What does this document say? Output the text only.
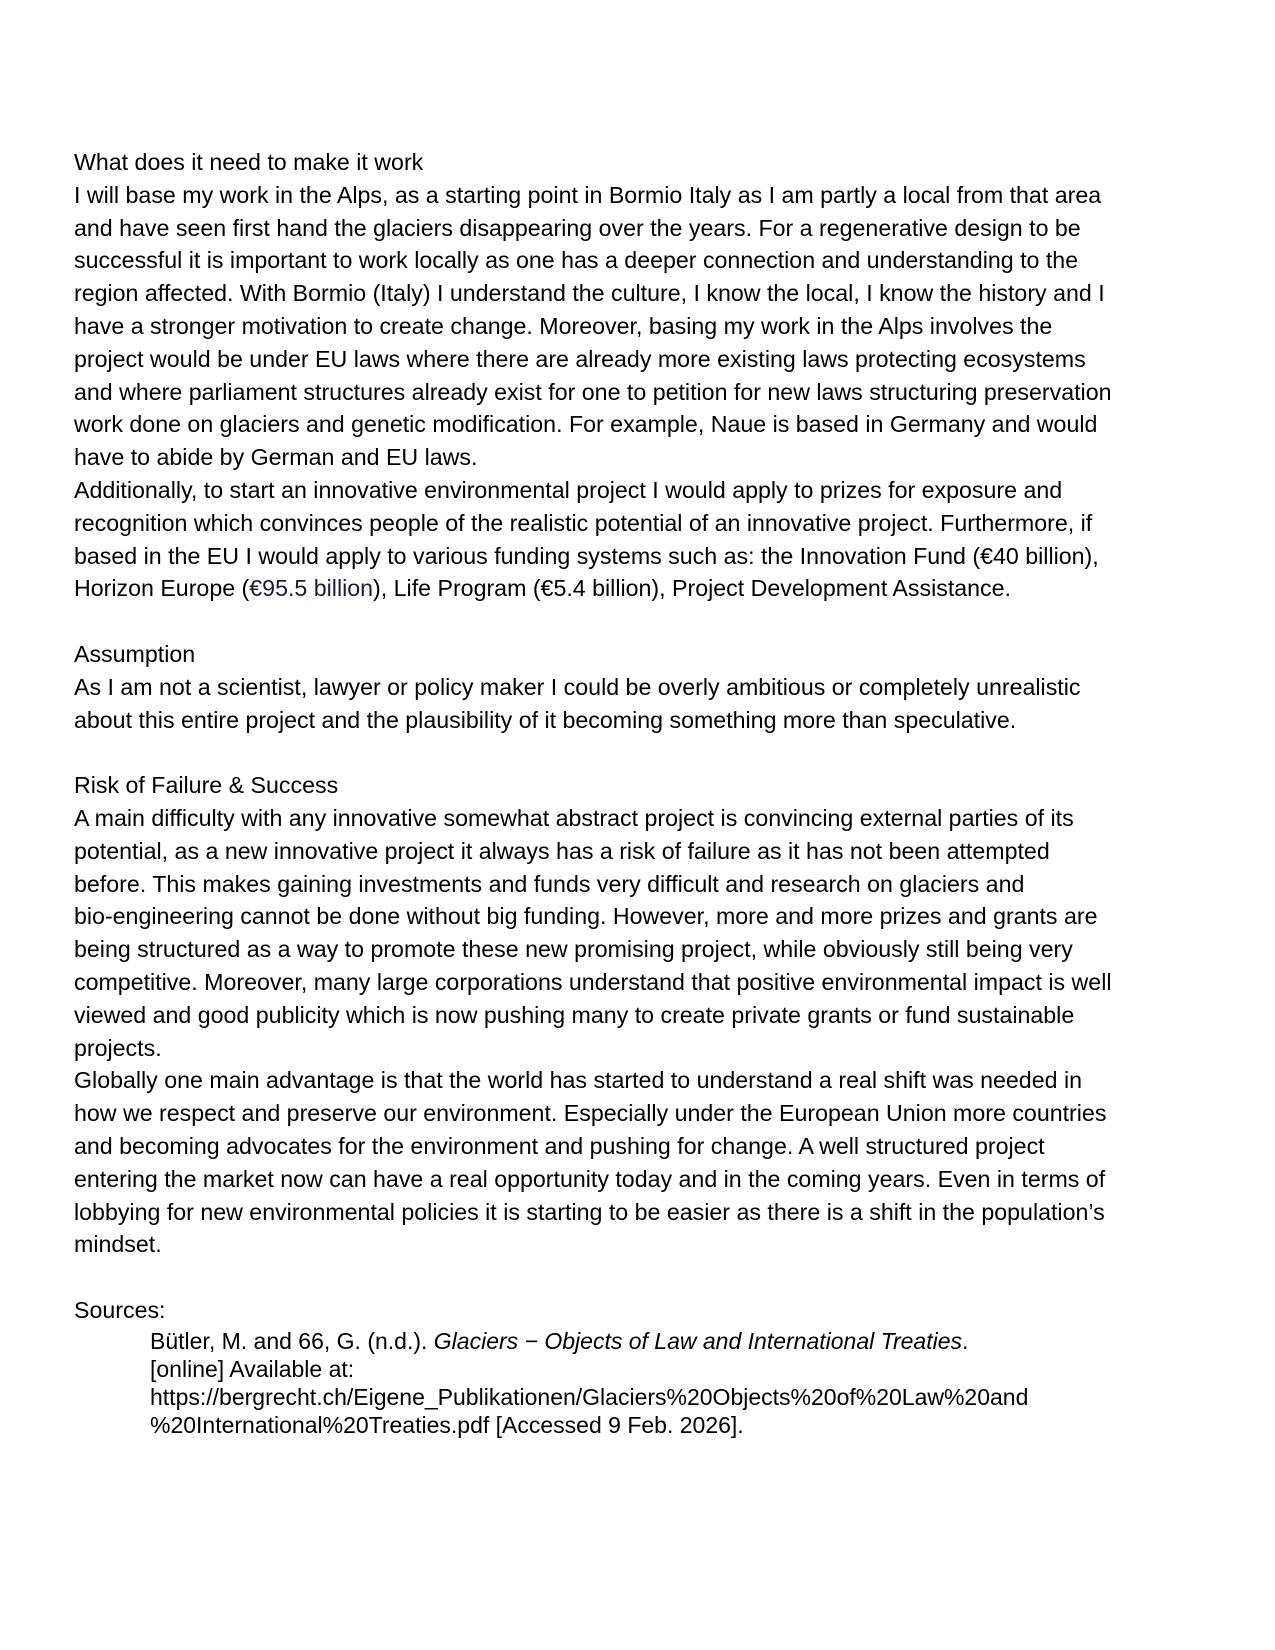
What does it need to make it work

I will base my work in the Alps, as a starting point in Bormio Italy as I am partly a local from that area
and have seen first hand the glaciers disappearing over the years. For a regenerative design to be
successful it is important to work locally as one has a deeper connection and understanding to the
region affected. With Bormio (Italy) I understand the culture, I know the local, I know the history and I
have a stronger motivation to create change. Moreover, basing my work in the Alps involves the
project would be under EU laws where there are already more existing laws protecting ecosystems
and where parliament structures already exist for one to petition for new laws structuring preservation
work done on glaciers and genetic modification. For example, Naue is based in Germany and would
have to abide by German and EU laws.

Additionally, to start an innovative environmental project I would apply to prizes for exposure and
recognition which convinces people of the realistic potential of an innovative project. Furthermore, if
based in the EU I would apply to various funding systems such as: the Innovation Fund (€40 billion),
Horizon Europe (€95.5 billion), Life Program (€5.4 billion), Project Development Assistance.

Assumption

As I am not a scientist, lawyer or policy maker I could be overly ambitious or completely unrealistic
about this entire project and the plausibility of it becoming something more than speculative.

Risk of Failure & Success

A main difficulty with any innovative somewhat abstract project is convincing external parties of its
potential, as a new innovative project it always has a risk of failure as it has not been attempted
before. This makes gaining investments and funds very difficult and research on glaciers and
bio-engineering cannot be done without big funding. However, more and more prizes and grants are
being structured as a way to promote these new promising project, while obviously still being very
competitive. Moreover, many large corporations understand that positive environmental impact is well
viewed and good publicity which is now pushing many to create private grants or fund sustainable
projects.

Globally one main advantage is that the world has started to understand a real shift was needed in
how we respect and preserve our environment. Especially under the European Union more countries
and becoming advocates for the environment and pushing for change. A well structured project
entering the market now can have a real opportunity today and in the coming years. Even in terms of
lobbying for new environmental policies it is starting to be easier as there is a shift in the population’s
mindset.

Sources:

Bütler, M. and 66, G. (n.d.). Glaciers − Objects of Law and International Treaties.
[online] Available at:
https://bergrecht.ch/Eigene_Publikationen/Glaciers%20Objects%20of%20Law%20and
%20International%20Treaties.pdf [Accessed 9 Feb. 2026].
